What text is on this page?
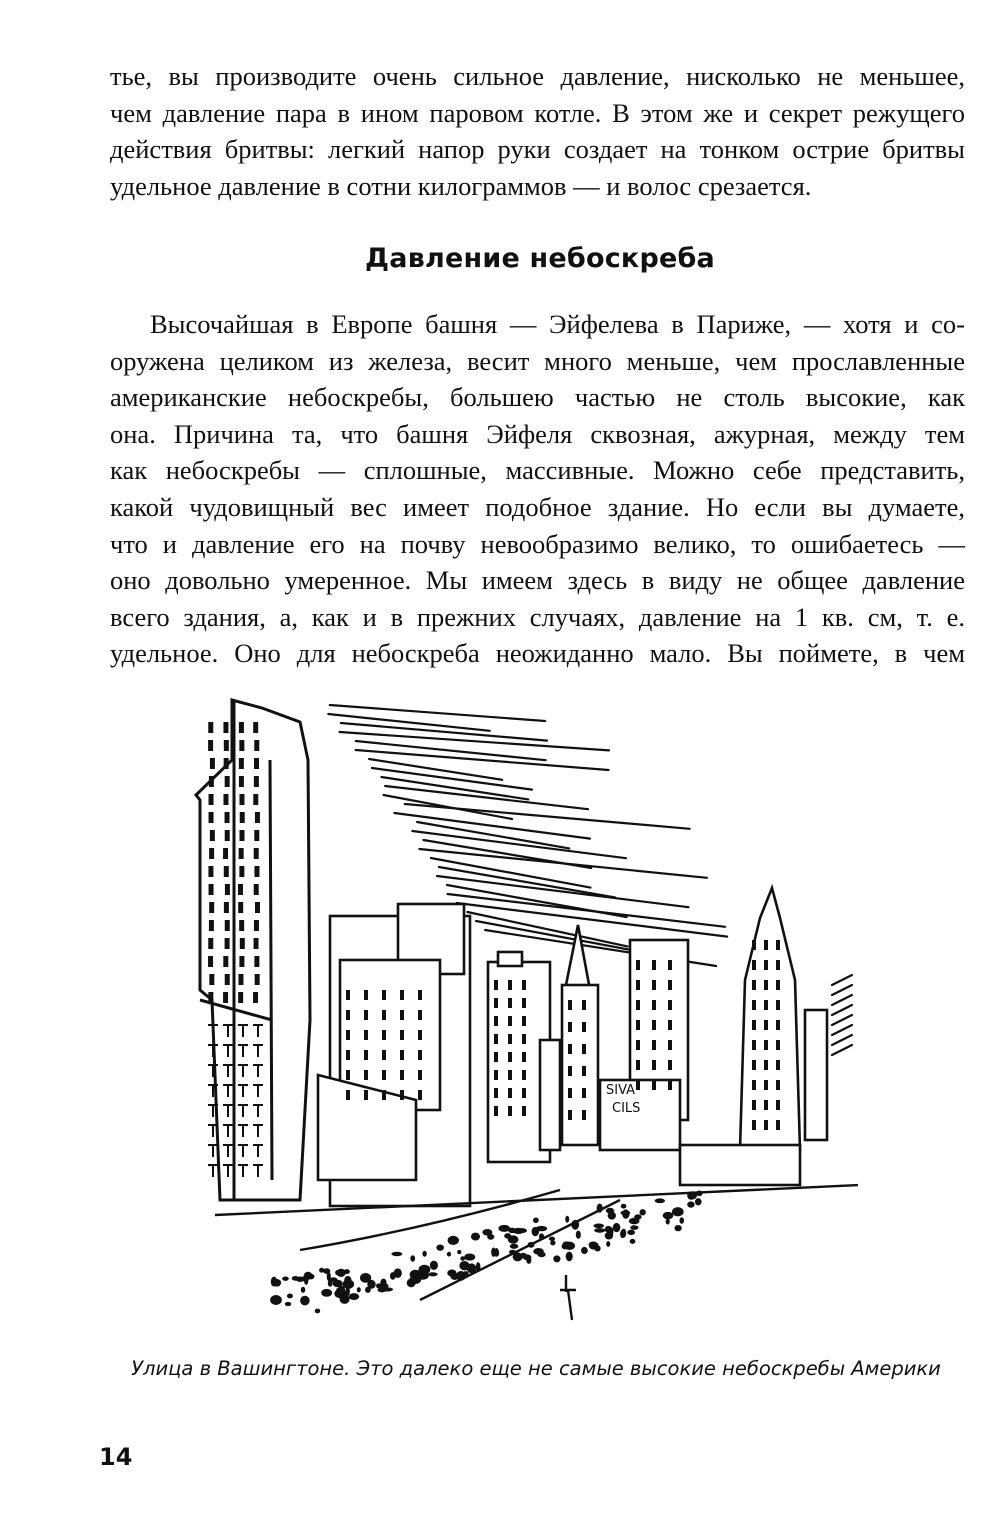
тье, вы производите очень сильное давление, нисколько не меньшее,
чем давление пара в ином паровом котле. В этом же и секрет режущего
действия бритвы: легкий напор руки создает на тонком острие бритвы
удельное давление в сотни килограммов — и волос срезается.
Давление небоскреба
Высочайшая в Европе башня — Эйфелева в Париже, — хотя и со-
оружена целиком из железа, весит много меньше, чем прославленные
американские небоскребы, большею частью не столь высокие, как
она. Причина та, что башня Эйфеля сквозная, ажурная, между тем
как небоскребы — сплошные, массивные. Можно себе представить,
какой чудовищный вес имеет подобное здание. Но если вы думаете,
что и давление его на почву невообразимо велико, то ошибаетесь —
оно довольно умеренное. Мы имеем здесь в виду не общее давление
всего здания, а, как и в прежних случаях, давление на 1 кв. см, т. е.
удельное. Оно для небоскреба неожиданно мало. Вы поймете, в чем
SIVA
CILS

Улица в Вашингтоне. Это далеко еще не самые высокие небоскребы Америки

14
